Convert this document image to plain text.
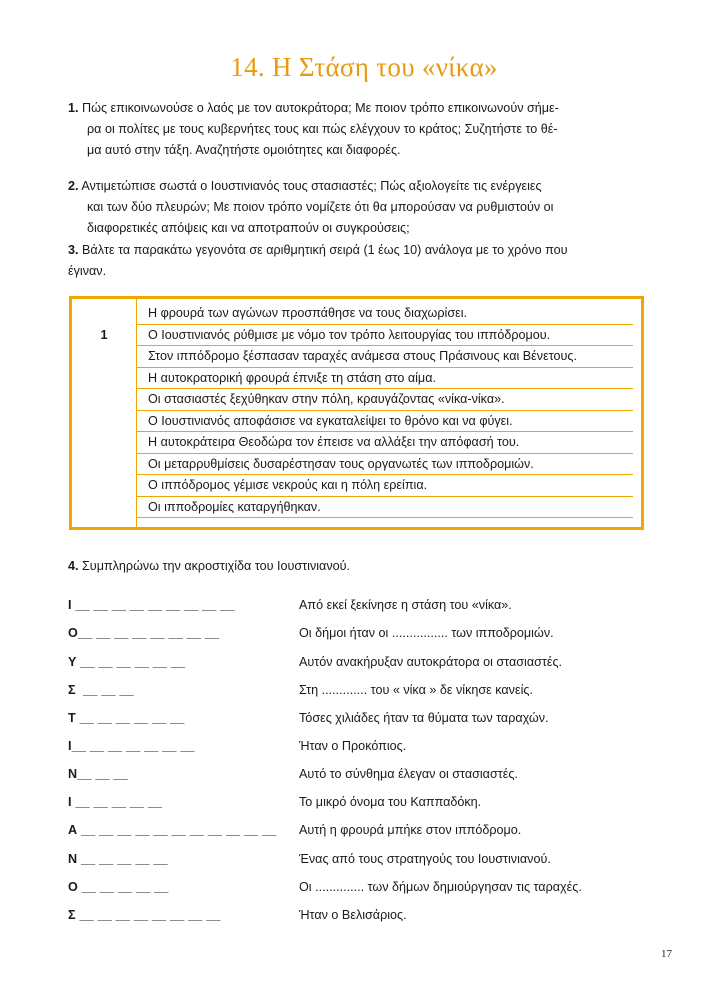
14. Η Στάση του «νίκα»
1. Πώς επικοινωνούσε ο λαός με τον αυτοκράτορα; Με ποιον τρόπο επικοινωνούν σήμε-
ρα οι πολίτες με τους κυβερνήτες τους και πώς ελέγχουν το κράτος; Συζητήστε το θέ-
μα αυτό στην τάξη. Αναζητήστε ομοιότητες και διαφορές.
2. Αντιμετώπισε σωστά ο Ιουστινιανός τους στασιαστές; Πώς αξιολογείτε τις ενέργειες
και των δύο πλευρών; Με ποιον τρόπο νομίζετε ότι θα μπορούσαν να ρυθμιστούν οι
διαφορετικές απόψεις και να αποτραπούν οι συγκρούσεις;
3. Βάλτε τα παρακάτω γεγονότα σε αριθμητική σειρά (1 έως 10) ανάλογα με το χρόνο που
έγιναν.
Η φρουρά των αγώνων προσπάθησε να τους διαχωρίσει.
1	Ο Ιουστινιανός ρύθμισε με νόμο τον τρόπο λειτουργίας του ιππόδρομου.
Στον ιππόδρομο ξέσπασαν ταραχές ανάμεσα στους Πράσινους και Βένετους.
Η αυτοκρατορική φρουρά έπνιξε τη στάση στο αίμα.
Οι στασιαστές ξεχύθηκαν στην πόλη, κραυγάζοντας «νίκα-νίκα».
Ο Ιουστινιανός αποφάσισε να εγκαταλείψει το θρόνο και να φύγει.
Η αυτοκράτειρα Θεοδώρα τον έπεισε να αλλάξει την απόφασή του.
Οι μεταρρυθμίσεις δυσαρέστησαν τους οργανωτές των ιπποδρομιών.
Ο ιππόδρομος γέμισε νεκρούς και η πόλη ερείπια.
Οι ιπποδρομίες καταργήθηκαν.
4. Συμπληρώνω την ακροστιχίδα του Ιουστινιανού.
Ι __ __ __ __ __ __ __ __ __	Από εκεί ξεκίνησε η στάση του «νίκα».
Ο__ __ __ __ __ __ __ __	Οι δήμοι ήταν οι ................ των ιπποδρομιών.
Υ __ __ __ __ __ __	Αυτόν ανακήρυξαν αυτοκράτορα οι στασιαστές.
Σ  __ __ __	Στη ............. του « νίκα » δε νίκησε κανείς.
Τ __ __ __ __ __ __	Τόσες χιλιάδες ήταν τα θύματα των ταραχών.
Ι__ __ __ __ __ __ __	Ήταν ο Προκόπιος.
Ν__ __ __	Αυτό το σύνθημα έλεγαν οι στασιαστές.
Ι __ __ __ __ __	Το μικρό όνομα του Καππαδόκη.
Α __ __ __ __ __ __ __ __ __ __ __ Αυτή η φρουρά μπήκε στον ιππόδρομο.
Ν __ __ __ __ __	Ένας από τους στρατηγούς του Ιουστινιανού.
Ο __ __ __ __ __	Οι .............. των δήμων δημιούργησαν τις ταραχές.
Σ __ __ __ __ __ __ __ __	Ήταν ο Βελισάριος.
17
